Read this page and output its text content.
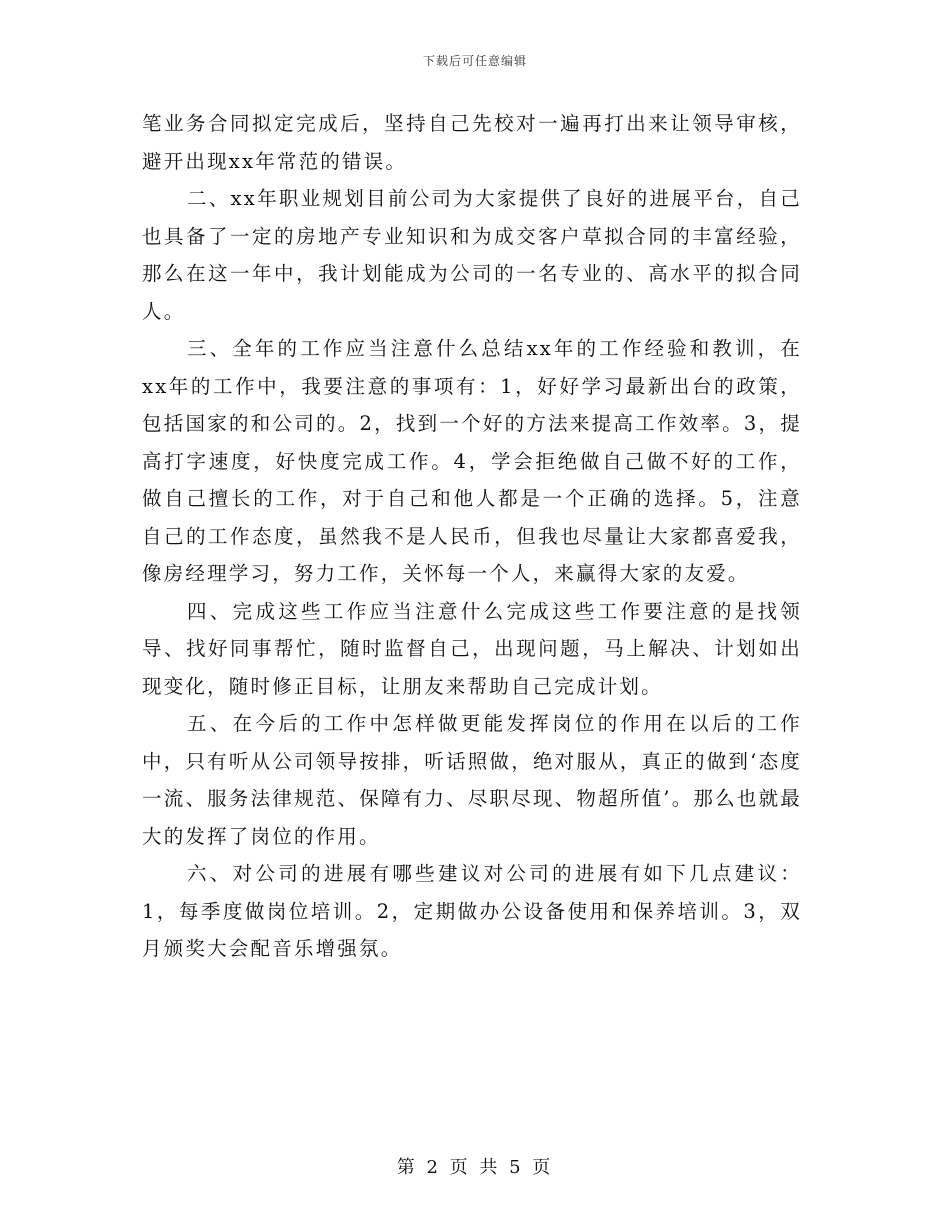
下载后可任意编辑

笔业务合同拟定完成后，坚持自己先校对一遍再打出来让领导审核，避开出现xx年常范的错误。

二、xx年职业规划目前公司为大家提供了良好的进展平台，自己也具备了一定的房地产专业知识和为成交客户草拟合同的丰富经验，那么在这一年中，我计划能成为公司的一名专业的、高水平的拟合同人。

三、全年的工作应当注意什么总结xx年的工作经验和教训，在xx年的工作中，我要注意的事项有：1，好好学习最新出台的政策，包括国家的和公司的。2，找到一个好的方法来提高工作效率。3，提高打字速度，好快度完成工作。4，学会拒绝做自己做不好的工作，做自己擅长的工作，对于自己和他人都是一个正确的选择。5，注意自己的工作态度，虽然我不是人民币，但我也尽量让大家都喜爱我，像房经理学习，努力工作，关怀每一个人，来赢得大家的友爱。

四、完成这些工作应当注意什么完成这些工作要注意的是找领导、找好同事帮忙，随时监督自己，出现问题，马上解决、计划如出现变化，随时修正目标，让朋友来帮助自己完成计划。

五、在今后的工作中怎样做更能发挥岗位的作用在以后的工作中，只有听从公司领导按排，听话照做，绝对服从，真正的做到‘态度一流、服务法律规范、保障有力、尽职尽现、物超所值’。那么也就最大的发挥了岗位的作用。

六、对公司的进展有哪些建议对公司的进展有如下几点建议：1，每季度做岗位培训。2，定期做办公设备使用和保养培训。3，双月颁奖大会配音乐增强氛。

第 2 页 共 5 页
